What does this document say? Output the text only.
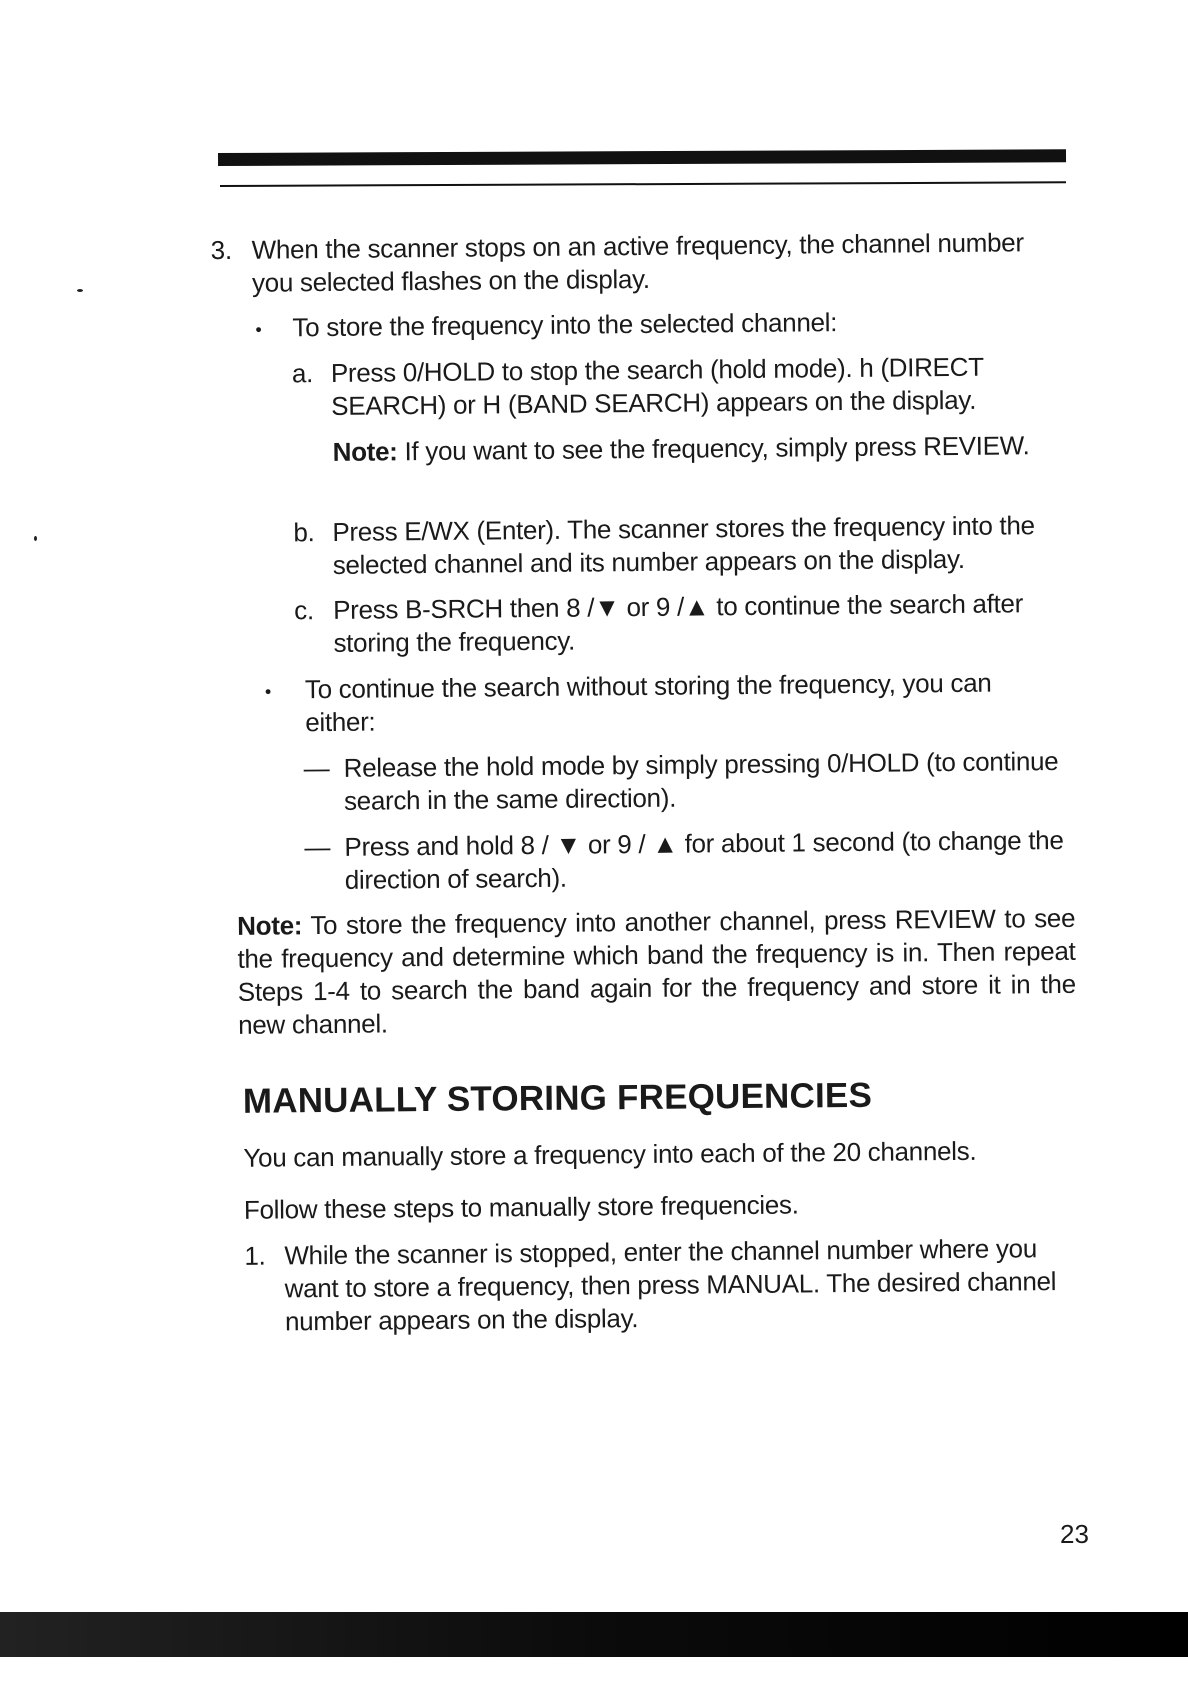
3. When the scanner stops on an active frequency, the channel number you selected flashes on the display.
• To store the frequency into the selected channel:
a. Press 0/HOLD to stop the search (hold mode). h (DIRECT SEARCH) or H (BAND SEARCH) appears on the display.
Note: If you want to see the frequency, simply press REVIEW.
b. Press E/WX (Enter). The scanner stores the frequency into the selected channel and its number appears on the display.
c. Press B-SRCH then 8 /▼ or 9 /▲ to continue the search after storing the frequency.
• To continue the search without storing the frequency, you can either:
— Release the hold mode by simply pressing 0/HOLD (to continue search in the same direction).
— Press and hold 8 / ▼ or 9 / ▲ for about 1 second (to change the direction of search).
Note: To store the frequency into another channel, press REVIEW to see the frequency and determine which band the frequency is in. Then repeat Steps 1-4 to search the band again for the frequency and store it in the new channel.
MANUALLY STORING FREQUENCIES
You can manually store a frequency into each of the 20 channels.
Follow these steps to manually store frequencies.
1. While the scanner is stopped, enter the channel number where you want to store a frequency, then press MANUAL. The desired channel number appears on the display.
23
